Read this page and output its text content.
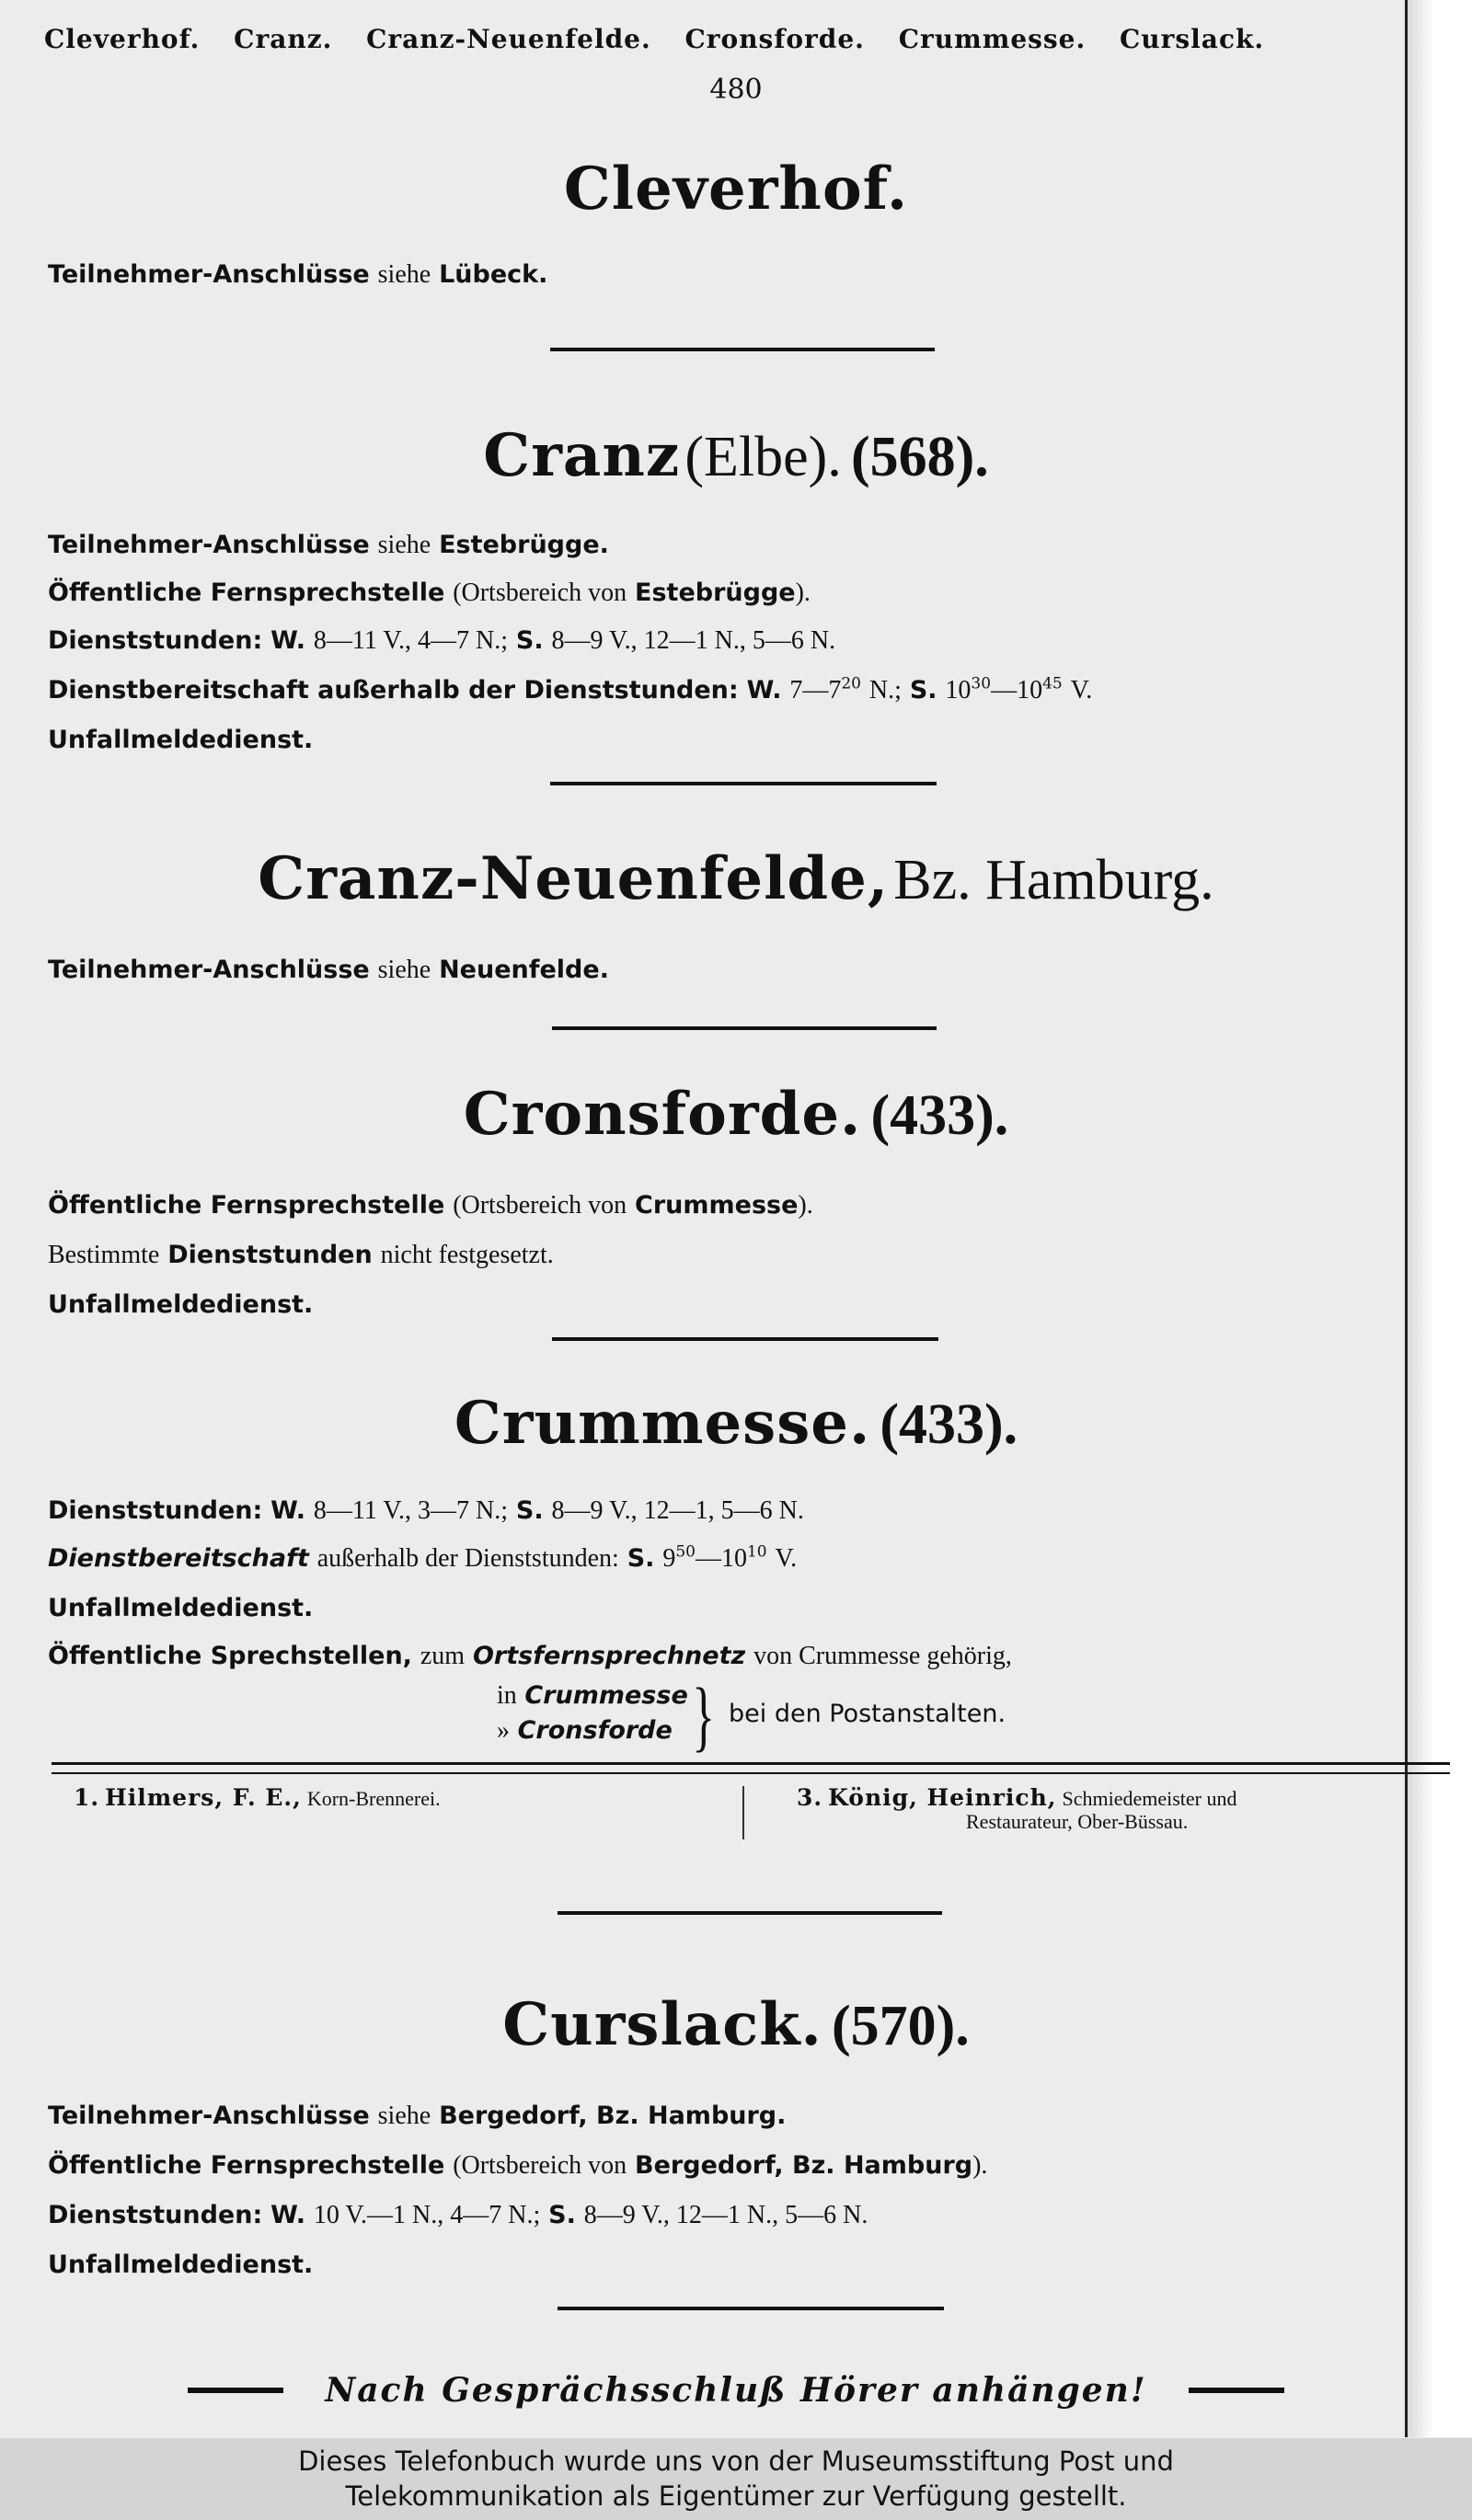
Cleverhof. Cranz. Cranz-Neuenfelde. Cronsforde. Crummesse. Curslack.
480
Cleverhof.
Teilnehmer-Anschlüsse siehe Lübeck.
Cranz (Elbe). (568).
Teilnehmer-Anschlüsse siehe Estebrügge.
Öffentliche Fernsprechstelle (Ortsbereich von Estebrügge).
Dienststunden: W. 8—11 V., 4—7 N.; S. 8—9 V., 12—1 N., 5—6 N.
Dienstbereitschaft außerhalb der Dienststunden: W. $7—7^{20}$ N.; S. $10^{30}—10^{45}$ V.
Unfallmeldedienst.
Cranz-Neuenfelde, Bz. Hamburg.
Teilnehmer-Anschlüsse siehe Neuenfelde.
Cronsforde. (433).
Öffentliche Fernsprechstelle (Ortsbereich von Crummesse).
Bestimmte Dienststunden nicht festgesetzt.
Unfallmeldedienst.
Crummesse. (433).
Dienststunden: W. 8—11 V., 3—7 N.; S. 8—9 V., 12—1, 5—6 N.
Dienstbereitschaft außerhalb der Dienststunden: S. $9^{50}—10^{10}$ V.
Unfallmeldedienst.
Öffentliche Sprechstellen, zum Ortsfernsprechnetz von Crummesse gehörig,
in Crummesse
» Cronsforde } bei den Postanstalten.
1. Hilmers, F. E., Korn-Brennerei.	3. König, Heinrich, Schmiedemeister und
Restaurateur, Ober-Büssau.
Curslack. (570).
Teilnehmer-Anschlüsse siehe Bergedorf, Bz. Hamburg.
Öffentliche Fernsprechstelle (Ortsbereich von Bergedorf, Bz. Hamburg).
Dienststunden: W. 10 V.—1 N., 4—7 N.; S. 8—9 V., 12—1 N., 5—6 N.
Unfallmeldedienst.
Nach Gesprächsschluß Hörer anhängen!
Dieses Telefonbuch wurde uns von der Museumsstiftung Post und
Telekommunikation als Eigentümer zur Verfügung gestellt.
